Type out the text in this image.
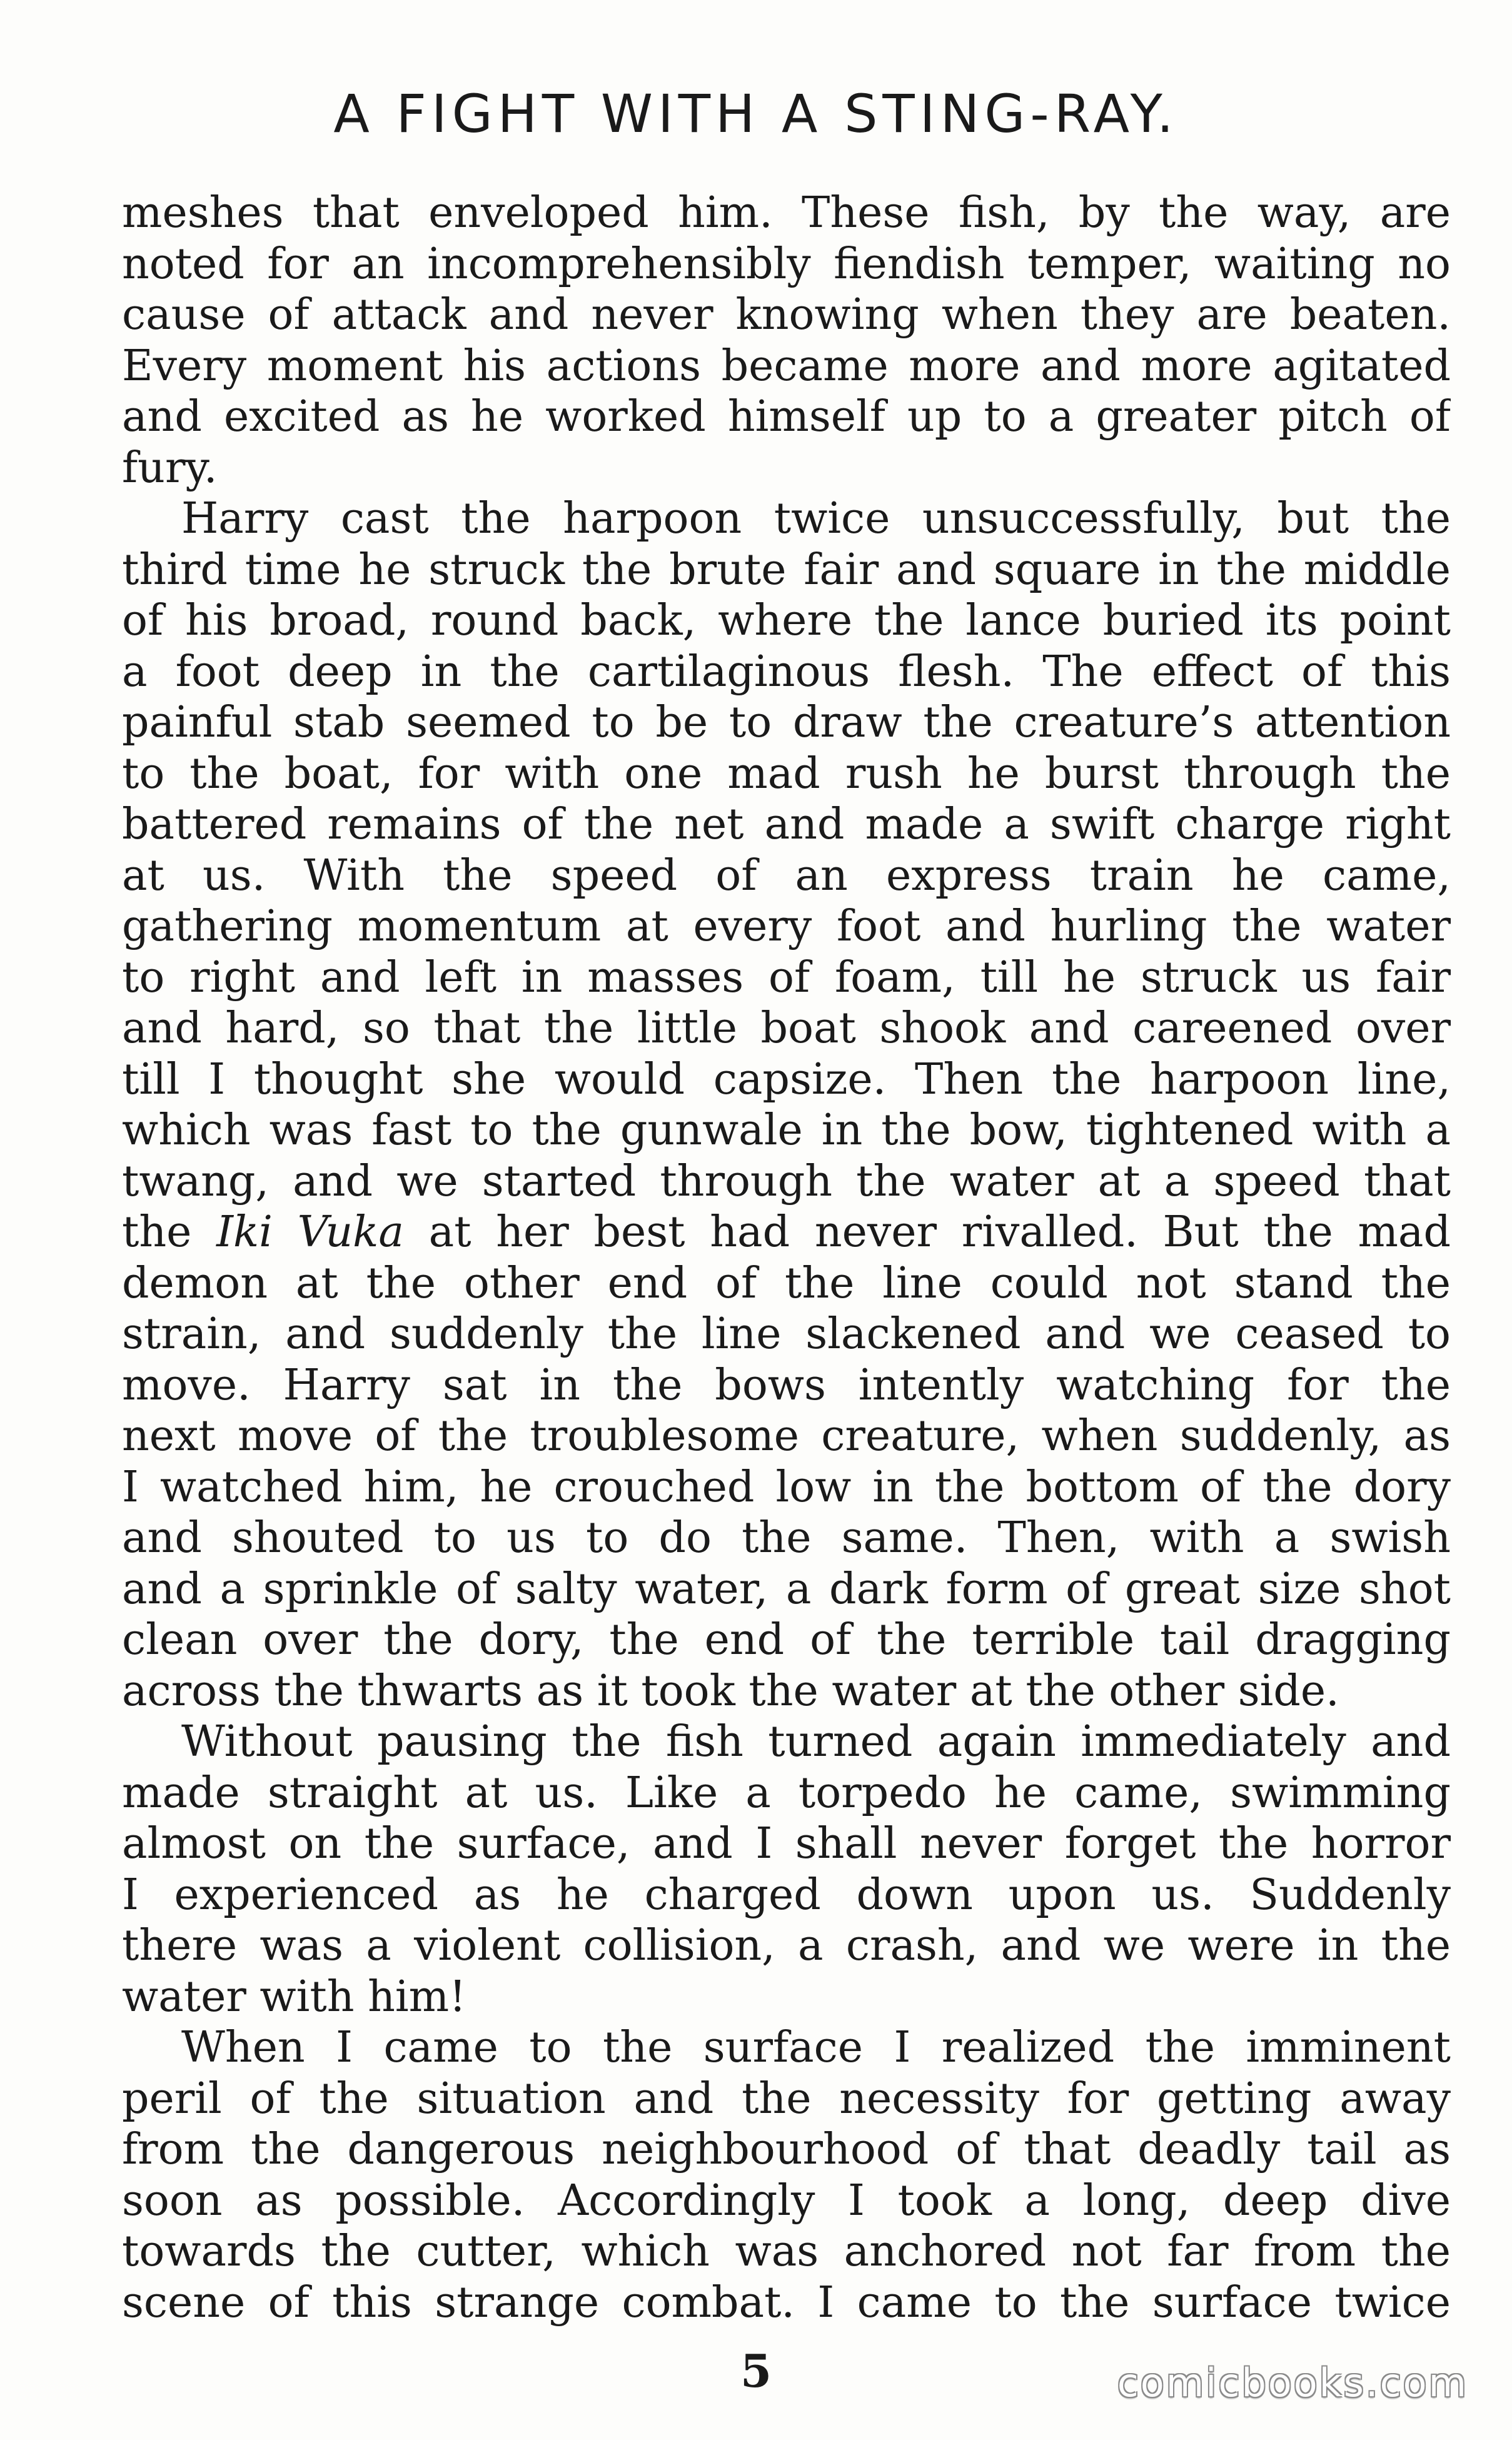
A FIGHT WITH A STING-RAY.
meshes that enveloped him. These fish, by the way, are
noted for an incomprehensibly fiendish temper, waiting no
cause of attack and never knowing when they are beaten.
Every moment his actions became more and more agitated
and excited as he worked himself up to a greater pitch of
fury.
Harry cast the harpoon twice unsuccessfully, but the
third time he struck the brute fair and square in the middle
of his broad, round back, where the lance buried its point
a foot deep in the cartilaginous flesh. The effect of this
painful stab seemed to be to draw the creature’s attention
to the boat, for with one mad rush he burst through the
battered remains of the net and made a swift charge right
at us. With the speed of an express train he came,
gathering momentum at every foot and hurling the water
to right and left in masses of foam, till he struck us fair
and hard, so that the little boat shook and careened over
till I thought she would capsize. Then the harpoon line,
which was fast to the gunwale in the bow, tightened with a
twang, and we started through the water at a speed that
the Iki Vuka at her best had never rivalled. But the mad
demon at the other end of the line could not stand the
strain, and suddenly the line slackened and we ceased to
move. Harry sat in the bows intently watching for the
next move of the troublesome creature, when suddenly, as
I watched him, he crouched low in the bottom of the dory
and shouted to us to do the same. Then, with a swish
and a sprinkle of salty water, a dark form of great size shot
clean over the dory, the end of the terrible tail dragging
across the thwarts as it took the water at the other side.
Without pausing the fish turned again immediately and
made straight at us. Like a torpedo he came, swimming
almost on the surface, and I shall never forget the horror
I experienced as he charged down upon us. Suddenly
there was a violent collision, a crash, and we were in the
water with him!
When I came to the surface I realized the imminent
peril of the situation and the necessity for getting away
from the dangerous neighbourhood of that deadly tail as
soon as possible. Accordingly I took a long, deep dive
towards the cutter, which was anchored not far from the
scene of this strange combat. I came to the surface twice
5	comicbooks.com
